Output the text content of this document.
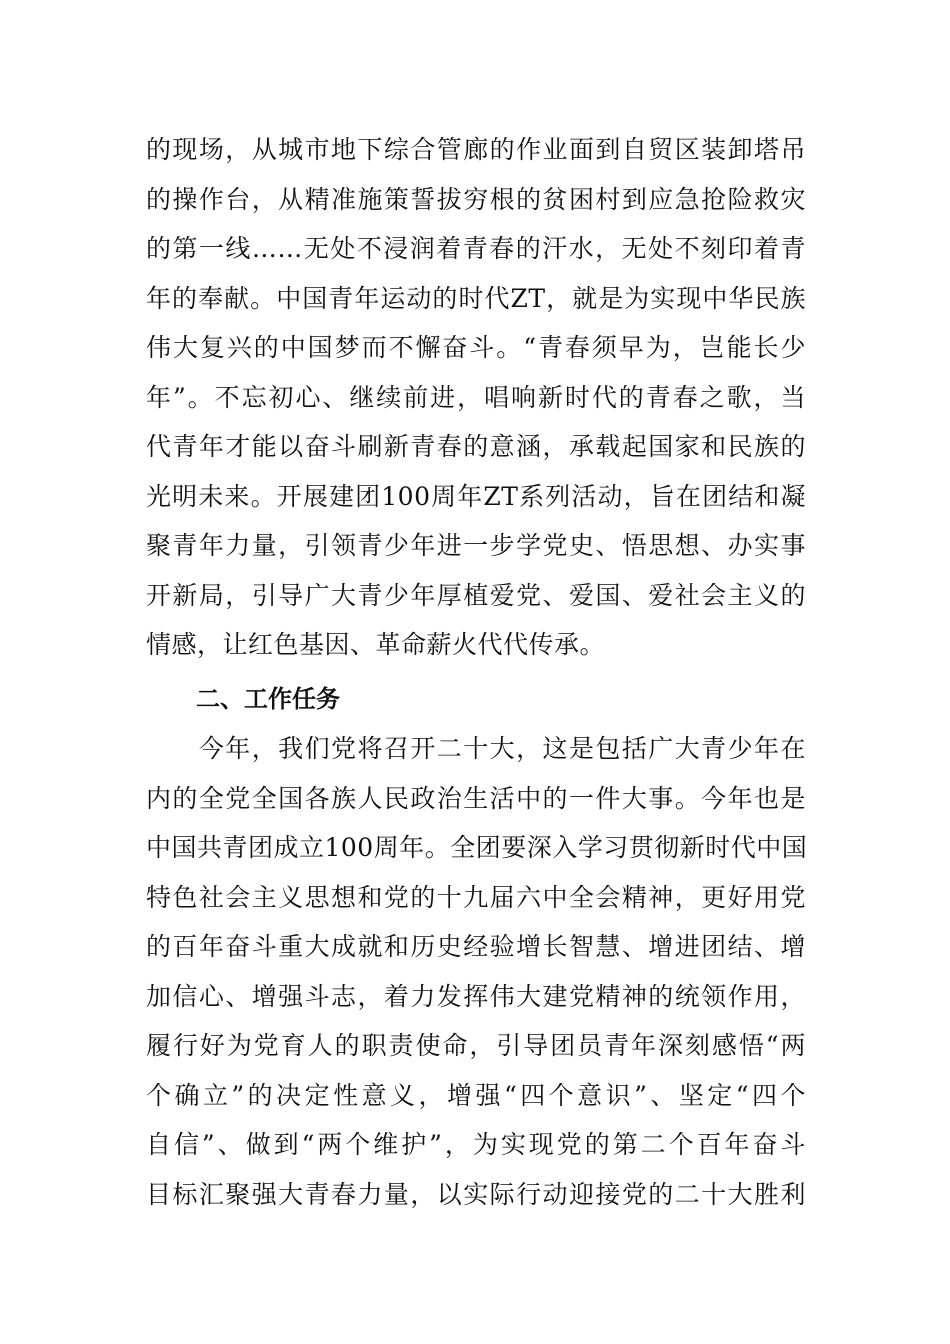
的现场，从城市地下综合管廊的作业面到自贸区装卸塔吊
的操作台，从精准施策誓拔穷根的贫困村到应急抢险救灾
的第一线……无处不浸润着青春的汗水，无处不刻印着青
年的奉献。中国青年运动的时代ZT，就是为实现中华民族
伟大复兴的中国梦而不懈奋斗。“青春须早为，岂能长少
年”。不忘初心、继续前进，唱响新时代的青春之歌，当
代青年才能以奋斗刷新青春的意涵，承载起国家和民族的
光明未来。开展建团100周年ZT系列活动，旨在团结和凝
聚青年力量，引领青少年进一步学党史、悟思想、办实事
开新局，引导广大青少年厚植爱党、爱国、爱社会主义的
情感，让红色基因、革命薪火代代传承。
二、工作任务
　　今年，我们党将召开二十大，这是包括广大青少年在
内的全党全国各族人民政治生活中的一件大事。今年也是
中国共青团成立100周年。全团要深入学习贯彻新时代中国
特色社会主义思想和党的十九届六中全会精神，更好用党
的百年奋斗重大成就和历史经验增长智慧、增进团结、增
加信心、增强斗志，着力发挥伟大建党精神的统领作用，
履行好为党育人的职责使命，引导团员青年深刻感悟“两
个确立”的决定性意义，增强“四个意识”、坚定“四个
自信”、做到“两个维护”，为实现党的第二个百年奋斗
目标汇聚强大青春力量，以实际行动迎接党的二十大胜利
